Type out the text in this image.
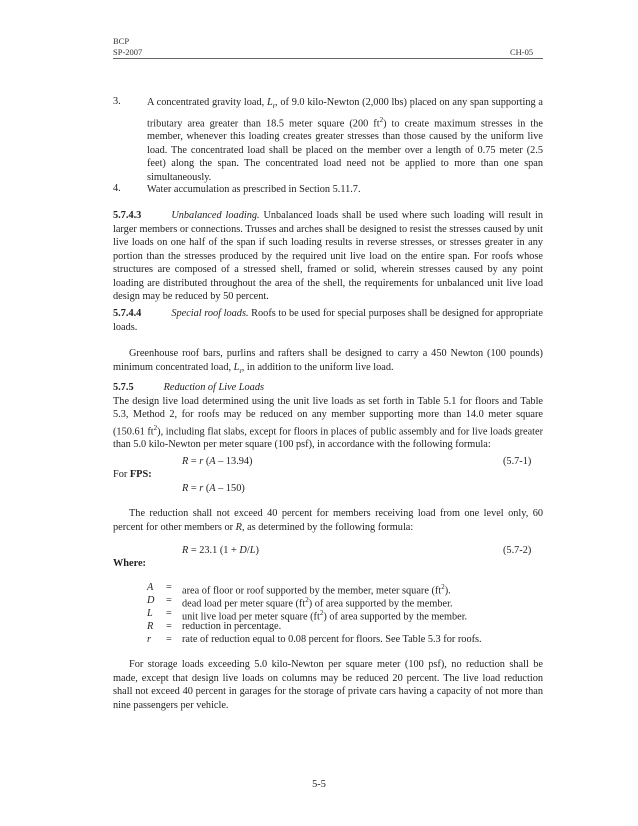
BCP
SP-2007	CH-05
3.	A concentrated gravity load, $L_r$, of 9.0 kilo-Newton (2,000 lbs) placed on any span supporting a tributary area greater than 18.5 meter square (200 $ft^2$) to create maximum stresses in the member, whenever this loading creates greater stresses than those caused by the uniform live load. The concentrated load shall be placed on the member over a length of 0.75 meter (2.5 feet) along the span. The concentrated load need not be applied to more than one span simultaneously.
4.	Water accumulation as prescribed in Section 5.11.7.
5.7.4.3	Unbalanced loading. Unbalanced loads shall be used where such loading will result in larger members or connections. Trusses and arches shall be designed to resist the stresses caused by unit live loads on one half of the span if such loading results in reverse stresses, or stresses greater in any portion than the stresses produced by the required unit live load on the entire span. For roofs whose structures are composed of a stressed shell, framed or solid, wherein stresses caused by any point loading are distributed throughout the area of the shell, the requirements for unbalanced unit live load design may be reduced by 50 percent.
5.7.4.4	Special roof loads. Roofs to be used for special purposes shall be designed for appropriate loads.
Greenhouse roof bars, purlins and rafters shall be designed to carry a 450 Newton (100 pounds) minimum concentrated load, $L_r$, in addition to the uniform live load.
5.7.5	Reduction of Live Loads
The design live load determined using the unit live loads as set forth in Table 5.1 for floors and Table 5.3, Method 2, for roofs may be reduced on any member supporting more than 14.0 meter square (150.61 $ft^2$), including flat slabs, except for floors in places of public assembly and for live loads greater than 5.0 kilo-Newton per meter square (100 psf), in accordance with the following formula:
R = r (A – 13.94)	(5.7-1)
For FPS:
R = r (A – 150)
The reduction shall not exceed 40 percent for members receiving load from one level only, 60 percent for other members or R, as determined by the following formula:
R = 23.1 (1 + D/L)	(5.7-2)
Where:
A = area of floor or roof supported by the member, meter square $(ft^2)$.
D = dead load per meter square $(ft^2)$ of area supported by the member.
L = unit live load per meter square $(ft^2)$ of area supported by the member.
R = reduction in percentage.
r = rate of reduction equal to 0.08 percent for floors. See Table 5.3 for roofs.
For storage loads exceeding 5.0 kilo-Newton per square meter (100 psf), no reduction shall be made, except that design live loads on columns may be reduced 20 percent. The live load reduction shall not exceed 40 percent in garages for the storage of private cars having a capacity of not more than nine passengers per vehicle.
5-5
